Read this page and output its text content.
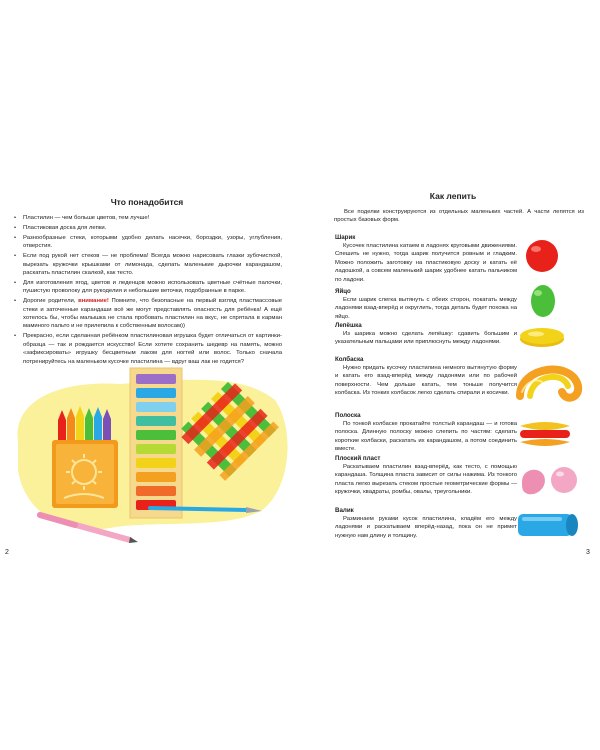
Что понадобится
• Пластилин — чем больше цветов, тем лучше!
• Пластиковая доска для лепки.
• Разнообразные стеки, которыми удобно делать насечки, бороздки, узоры, углубления, отверстия.
• Если под рукой нет стеков — не проблема! Всегда можно нарисовать глазки зубочисткой, вырезать кружочки крышками от лимонада, сделать маленькие дырочки карандашом, раскатать пластилин скалкой, как тесто.
• Для изготовления ягод, цветов и леденцов можно использовать цветные счётные палочки, пушистую проволоку для рукоделия и небольшие веточки, подобранные в парке.
• Дорогие родители, внимание! Помните, что безопасные на первый взгляд пластмассовые стеки и заточенные карандаши всё же могут представлять опасность для ребёнка! А ещё хотелось бы, чтобы малышка не стала пробовать пластилин на вкус, не спрятала в карман маминого пальто и не прилепила к собственным волосам))
• Прекрасно, если сделанная ребёнком пластилиновая игрушка будет отличаться от картинки-образца — так и рождается искусство! Если хотите сохранить шедевр на память, можно «зафиксировать» игрушку бесцветным лаком для ногтей или волос. Только сначала потренируйтесь на маленьком кусочке пластилина — вдруг ваш лак не годится?

2

Как лепить

Все поделки конструируются из отдельных маленьких частей. А части лепятся из простых базовых форм.

Шарик

Кусочек пластилина катаем в ладонях круговыми движениями. Спешить не нужно, тогда шарик получится ровным и гладким. Можно положить заготовку на пластиковую доску и катать её ладошкой, а совсем маленький шарик удобнее катать пальчиком по ладони.

Яйцо

Если шарик слегка вытянуть с обеих сторон, покатать между ладонями взад-вперёд и округлить, тогда деталь будет похожа на яйцо.

Лепёшка

Из шарика можно сделать лепёшку: сдавить большим и указательным пальцами или приплюснуть между ладонями.

Колбаска

Нужно придать кусочку пластилина немного вытянутую форму и катать его взад-вперёд между ладонями или по рабочей поверхности. Чем дольше катать, тем тоньше получится колбаска. Из тонких колбасок легко сделать спирали и косички.

Полоска

По тонкой колбаске прокатайте толстый карандаш — и готова полоска. Длинную полоску можно слепить по частям: сделать короткие колбаски, раскатать их карандашом, а потом соединить вместе.

Плоский пласт

Раскатываем пластилин взад-вперёд, как тесто, с помощью карандаша. Толщина пласта зависит от силы нажима. Из тонкого пласта легко вырезать стеком простые геометрические формы — кружочки, квадраты, ромбы, овалы, треугольники.

Валик

Разминаем руками кусок пластилина, кладём его между ладонями и раскатываем вперёд-назад, пока он не примет нужную нам длину и толщину.

3
